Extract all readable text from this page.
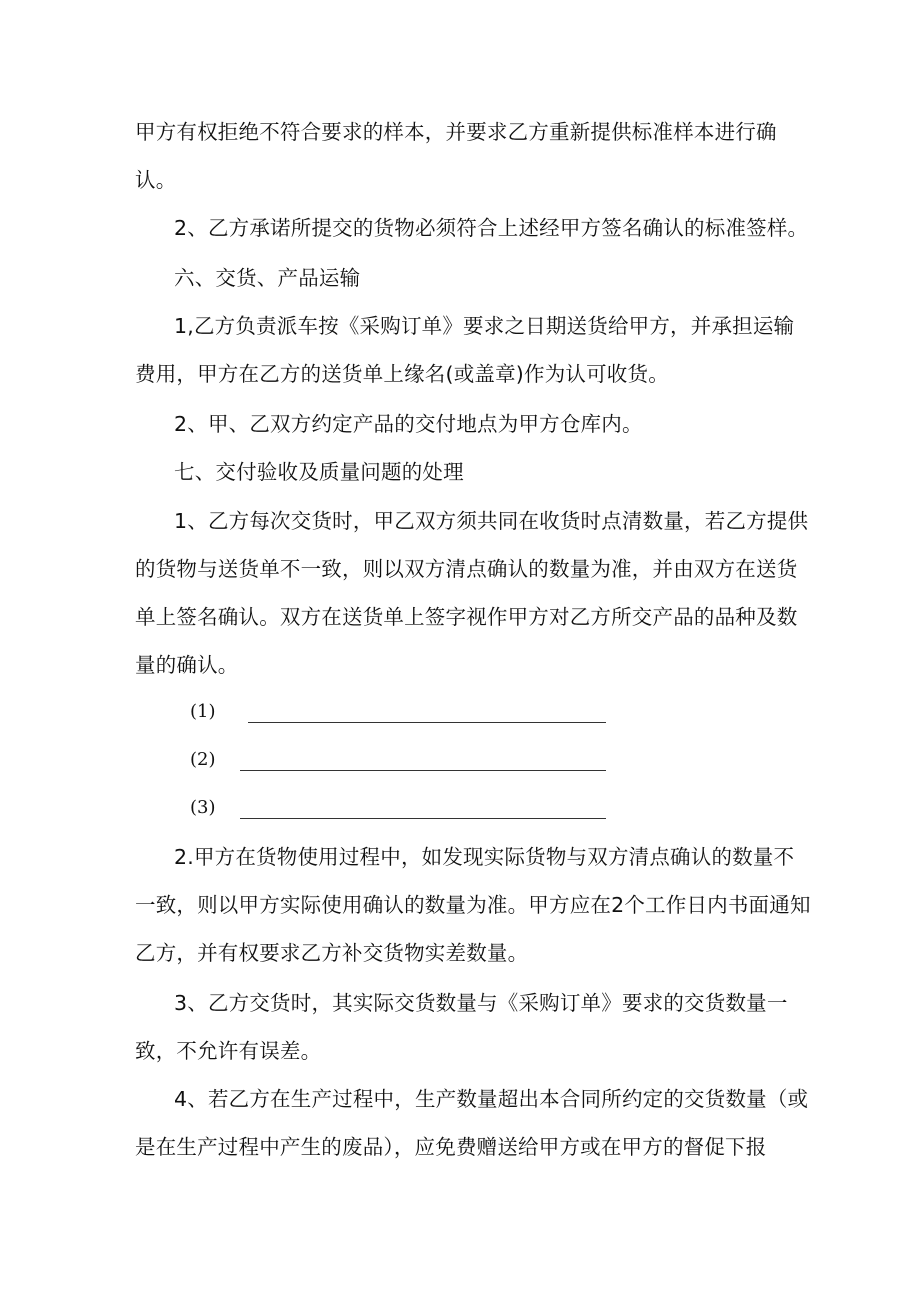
甲方有权拒绝不符合要求的样本，并要求乙方重新提供标准样本进行确
认。
2、乙方承诺所提交的货物必须符合上述经甲方签名确认的标准签样。
六、交货、产品运输
1,乙方负责派车按《采购订单》要求之日期送货给甲方，并承担运输
费用，甲方在乙方的送货单上缘名(或盖章)作为认可收货。
2、甲、乙双方约定产品的交付地点为甲方仓库内。
七、交付验收及质量问题的处理
1、乙方每次交货时，甲乙双方须共同在收货时点清数量，若乙方提供
的货物与送货单不一致，则以双方清点确认的数量为准，并由双方在送货
单上签名确认。双方在送货单上签字视作甲方对乙方所交产品的品种及数
量的确认。
(1)
(2)
(3)
2.甲方在货物使用过程中，如发现实际货物与双方清点确认的数量不
一致，则以甲方实际使用确认的数量为准。甲方应在2个工作日内书面通知
乙方，并有权要求乙方补交货物实差数量。
3、乙方交货时，其实际交货数量与《采购订单》要求的交货数量一
致，不允许有误差。
4、若乙方在生产过程中，生产数量超出本合同所约定的交货数量（或
是在生产过程中产生的废品），应免费赠送给甲方或在甲方的督促下报
